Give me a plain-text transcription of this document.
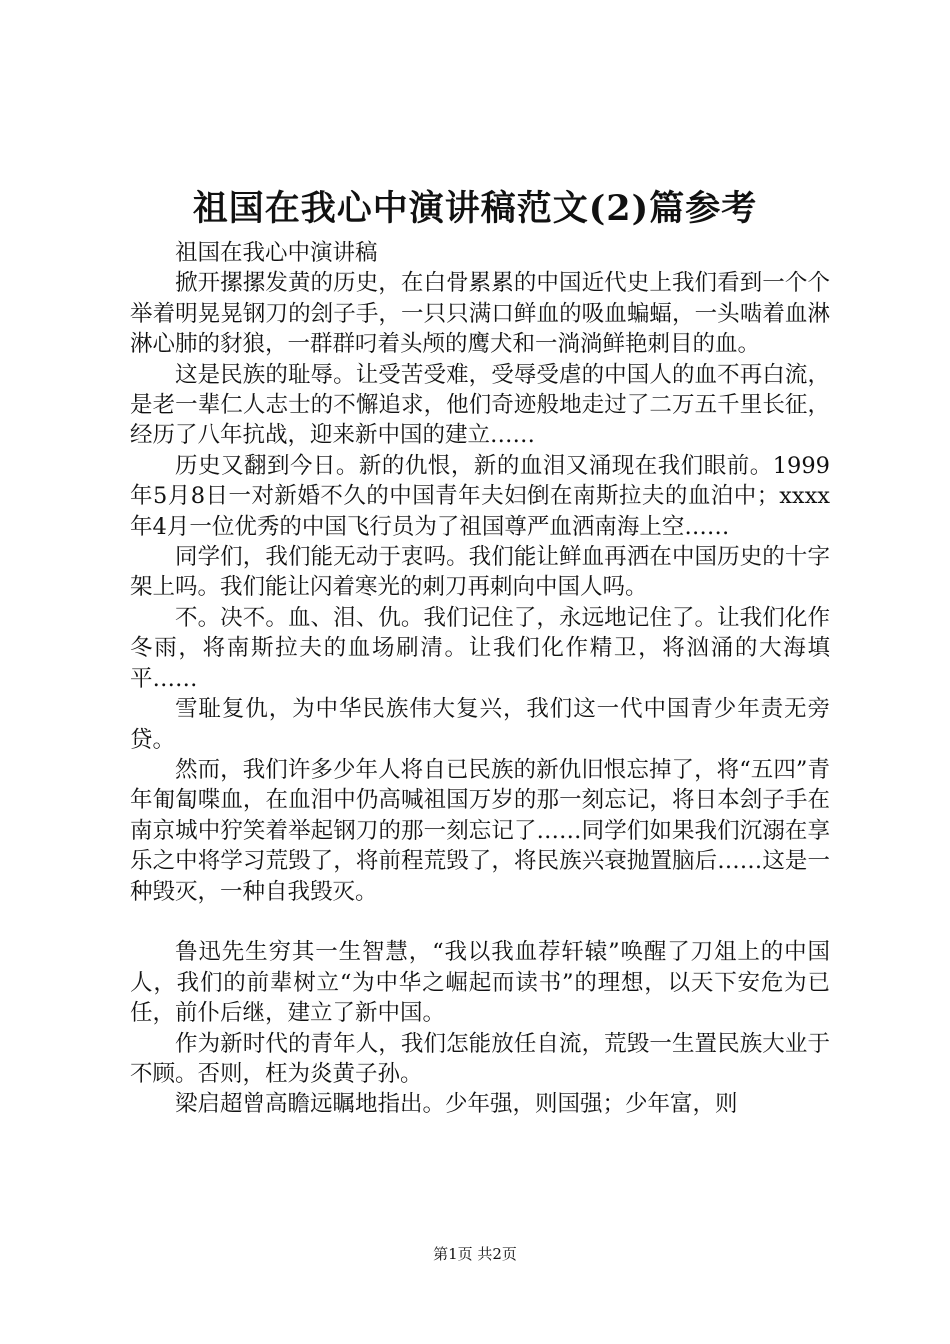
祖国在我心中演讲稿范文(2)篇参考

祖国在我心中演讲稿

掀开摞摞发黄的历史，在白骨累累的中国近代史上我们看到一个个举着明晃晃钢刀的刽子手，一只只满口鲜血的吸血蝙蝠，一头啮着血淋淋心肺的豺狼，一群群叼着头颅的鹰犬和一淌淌鲜艳刺目的血。

这是民族的耻辱。让受苦受难，受辱受虐的中国人的血不再白流，是老一辈仁人志士的不懈追求，他们奇迹般地走过了二万五千里长征，经历了八年抗战，迎来新中国的建立……

历史又翻到今日。新的仇恨，新的血泪又涌现在我们眼前。1999年5月8日一对新婚不久的中国青年夫妇倒在南斯拉夫的血泊中；xxxx年4月一位优秀的中国飞行员为了祖国尊严血洒南海上空……

同学们，我们能无动于衷吗。我们能让鲜血再洒在中国历史的十字架上吗。我们能让闪着寒光的刺刀再刺向中国人吗。

不。决不。血、泪、仇。我们记住了，永远地记住了。让我们化作冬雨，将南斯拉夫的血场刷清。让我们化作精卫，将汹涌的大海填平……

雪耻复仇，为中华民族伟大复兴，我们这一代中国青少年责无旁贷。

然而，我们许多少年人将自已民族的新仇旧恨忘掉了，将“五四”青年匍匐喋血，在血泪中仍高喊祖国万岁的那一刻忘记，将日本刽子手在南京城中狞笑着举起钢刀的那一刻忘记了……同学们如果我们沉溺在享乐之中将学习荒毁了，将前程荒毁了，将民族兴衰抛置脑后……这是一种毁灭，一种自我毁灭。

鲁迅先生穷其一生智慧，“我以我血荐轩辕”唤醒了刀俎上的中国人，我们的前辈树立“为中华之崛起而读书”的理想，以天下安危为已任，前仆后继，建立了新中国。

作为新时代的青年人，我们怎能放任自流，荒毁一生置民族大业于不顾。否则，枉为炎黄子孙。

梁启超曾高瞻远瞩地指出。少年强，则国强；少年富，则

第1页 共2页
